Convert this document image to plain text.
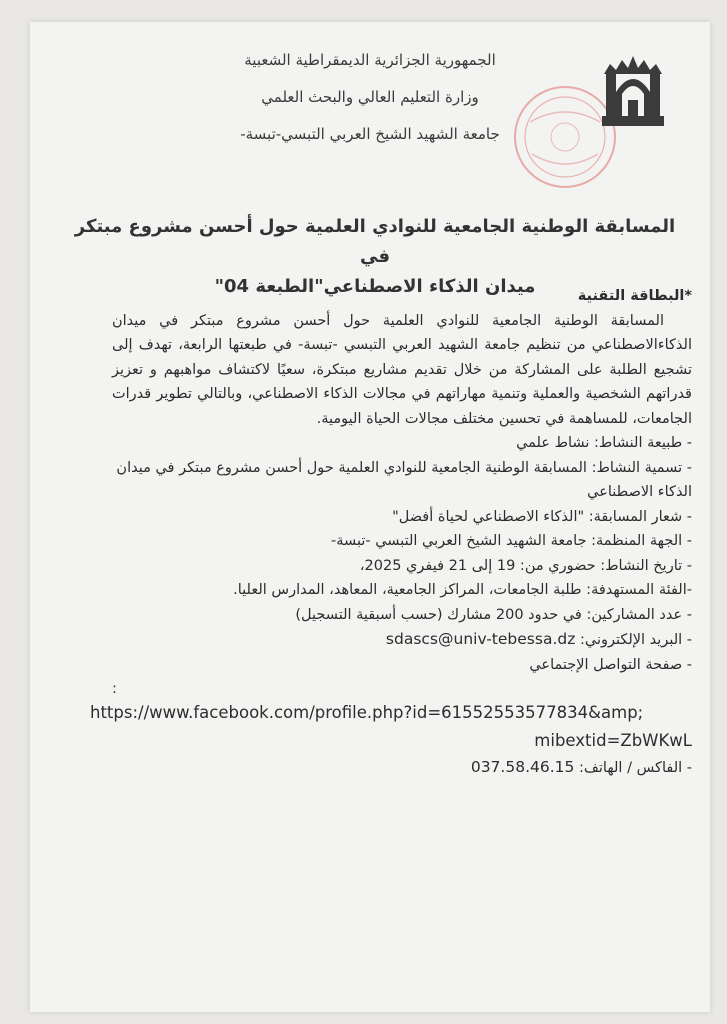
الجمهورية الجزائرية الديمقراطية الشعبية
وزارة التعليم العالي والبحث العلمي
جامعة الشهيد الشيخ العربي التبسي-تبسة-
المسابقة الوطنية الجامعية للنوادي العلمية حول أحسن مشروع مبتكر في
ميدان الذكاء الاصطناعي"الطبعة 04"	*البطاقة التقنية
المسابقة الوطنية الجامعية للنوادي العلمية حول أحسن مشروع مبتكر في ميدان الذكاءالاصطناعي من تنظيم جامعة الشهيد العربي التبسي -تبسة- في طبعتها الرابعة، تهدف إلى تشجيع الطلبة على المشاركة من خلال تقديم مشاريع مبتكرة، سعيًا لاكتشاف مواهبهم و تعزيز قدراتهم الشخصية والعملية وتنمية مهاراتهم في مجالات الذكاء الاصطناعي، وبالتالي تطوير قدرات الجامعات، للمساهمة في تحسين مختلف مجالات الحياة اليومية.
- طبيعة النشاط: نشاط علمي
- تسمية النشاط: المسابقة الوطنية الجامعية للنوادي العلمية حول أحسن مشروع مبتكر في ميدان الذكاء الاصطناعي
- شعار المسابقة: "الذكاء الاصطناعي لحياة أفضل"
- الجهة المنظمة: جامعة الشهيد الشيخ العربي التبسي -تبسة-
- تاريخ النشاط: حضوري من: 19 إلى 21 فيفري 2025،
-الفئة المستهدفة: طلبة الجامعات، المراكز الجامعية، المعاهد، المدارس العليا.
- عدد المشاركين: في حدود 200 مشارك (حسب أسبقية التسجيل)
- البريد الإلكتروني: sdascs@univ-tebessa.dz
- صفحة التواصل الإجتماعي
:
https://www.facebook.com/profile.php?id=61552553577834&amp;
mibextid=ZbWKwL
- الفاكس / الهاتف: 037.58.46.15
